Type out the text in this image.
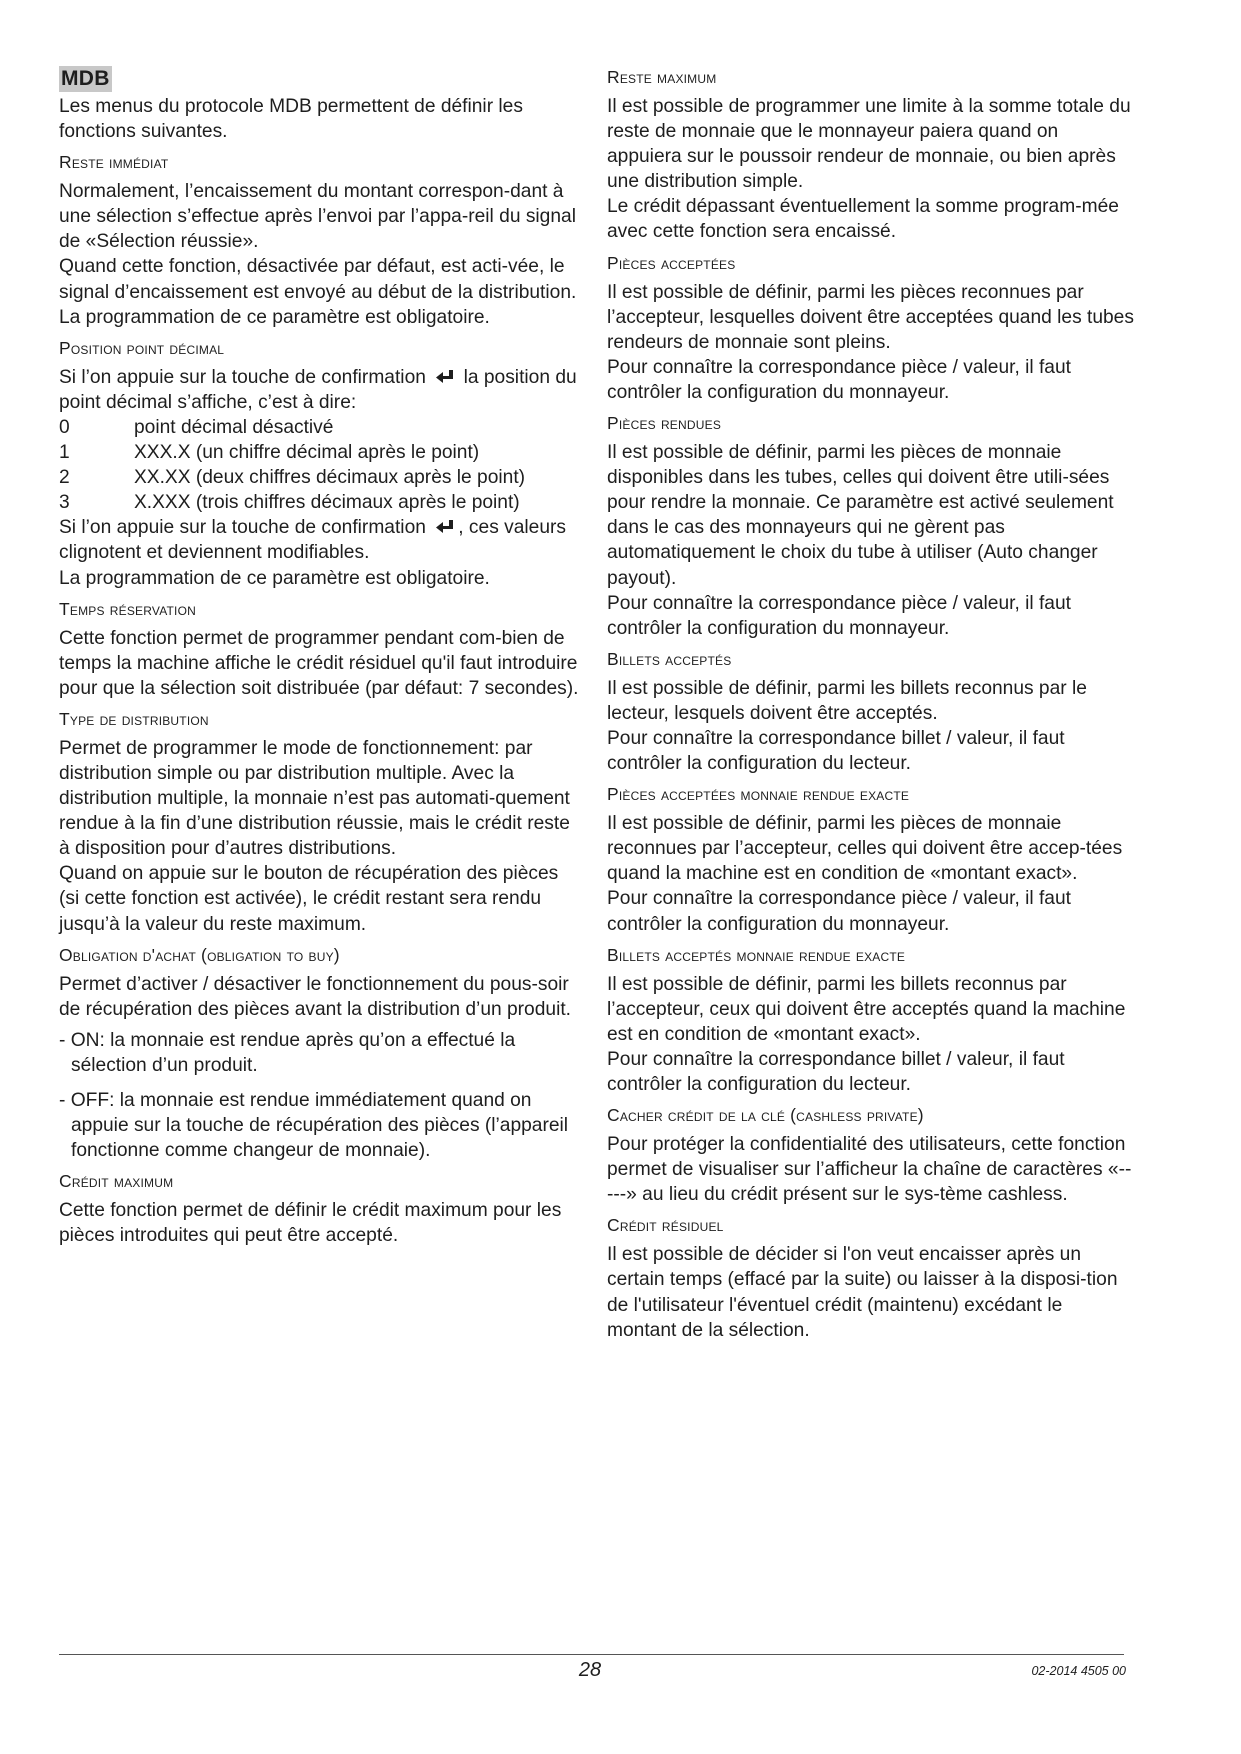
MDB

Les menus du protocole MDB permettent de définir les fonctions suivantes.

Reste immédiat

Normalement, l’encaissement du montant correspon-dant à une sélection s’effectue après l’envoi par l’appa-reil du signal de «Sélection réussie».

Quand cette fonction, désactivée par défaut, est acti-vée, le signal d’encaissement est envoyé au début de la distribution.

La programmation de ce paramètre est obligatoire.

Position point décimal

Si l’on appuie sur la touche de confirmation la position du point décimal s’affiche, c’est à dire:

0	point décimal désactivé
1	XXX.X (un chiffre décimal après le point)
2	XX.XX (deux chiffres décimaux après le point)
3	X.XXX (trois chiffres décimaux après le point)

Si l’on appuie sur la touche de confirmation , ces valeurs clignotent et deviennent modifiables.

La programmation de ce paramètre est obligatoire.

Temps réservation

Cette fonction permet de programmer pendant com-bien de temps la machine affiche le crédit résiduel qu'il faut introduire pour que la sélection soit distribuée (par défaut: 7 secondes).

Type de distribution

Permet de programmer le mode de fonctionnement: par distribution simple ou par distribution multiple. Avec la distribution multiple, la monnaie n’est pas automati-quement rendue à la fin d’une distribution réussie, mais le crédit reste à disposition pour d’autres distributions.

Quand on appuie sur le bouton de récupération des pièces (si cette fonction est activée), le crédit restant sera rendu jusqu’à la valeur du reste maximum.

Obligation d'achat (obligation to buy)

Permet d’activer / désactiver le fonctionnement du pous-soir de récupération des pièces avant la distribution d’un produit.

- ON: la monnaie est rendue après qu’on a effectué la sélection d’un produit.

- OFF: la monnaie est rendue immédiatement quand on appuie sur la touche de récupération des pièces (l’appareil fonctionne comme changeur de monnaie).

Crédit maximum

Cette fonction permet de définir le crédit maximum pour les pièces introduites qui peut être accepté.

Reste maximum

Il est possible de programmer une limite à la somme totale du reste de monnaie que le monnayeur paiera quand on appuiera sur le poussoir rendeur de monnaie, ou bien après une distribution simple.

Le crédit dépassant éventuellement la somme program-mée avec cette fonction sera encaissé.

Pièces acceptées

Il est possible de définir, parmi les pièces reconnues par l’accepteur, lesquelles doivent être acceptées quand les tubes rendeurs de monnaie sont pleins.

Pour connaître la correspondance pièce / valeur, il faut contrôler la configuration du monnayeur.

Pièces rendues

Il est possible de définir, parmi les pièces de monnaie disponibles dans les tubes, celles qui doivent être utili-sées pour rendre la monnaie. Ce paramètre est activé seulement dans le cas des monnayeurs qui ne gèrent pas automatiquement le choix du tube à utiliser (Auto changer payout).

Pour connaître la correspondance pièce / valeur, il faut contrôler la configuration du monnayeur.

Billets acceptés

Il est possible de définir, parmi les billets reconnus par le lecteur, lesquels doivent être acceptés.

Pour connaître la correspondance billet / valeur, il faut contrôler la configuration du lecteur.

Pièces acceptées monnaie rendue exacte

Il est possible de définir, parmi les pièces de monnaie reconnues par l’accepteur, celles qui doivent être accep-tées quand la machine est en condition de «montant exact».

Pour connaître la correspondance pièce / valeur, il faut contrôler la configuration du monnayeur.

Billets acceptés monnaie rendue exacte

Il est possible de définir, parmi les billets reconnus par l’accepteur, ceux qui doivent être acceptés quand la machine est en condition de «montant exact».

Pour connaître la correspondance billet / valeur, il faut contrôler la configuration du lecteur.

Cacher crédit de la clé (cashless private)

Pour protéger la confidentialité des utilisateurs, cette fonction permet de visualiser sur l’afficheur la chaîne de caractères «-----» au lieu du crédit présent sur le sys-tème cashless.

Crédit résiduel

Il est possible de décider si l'on veut encaisser après un certain temps (effacé par la suite) ou laisser à la disposi-tion de l'utilisateur l'éventuel crédit (maintenu) excédant le montant de la sélection.

28	02-2014 4505 00
